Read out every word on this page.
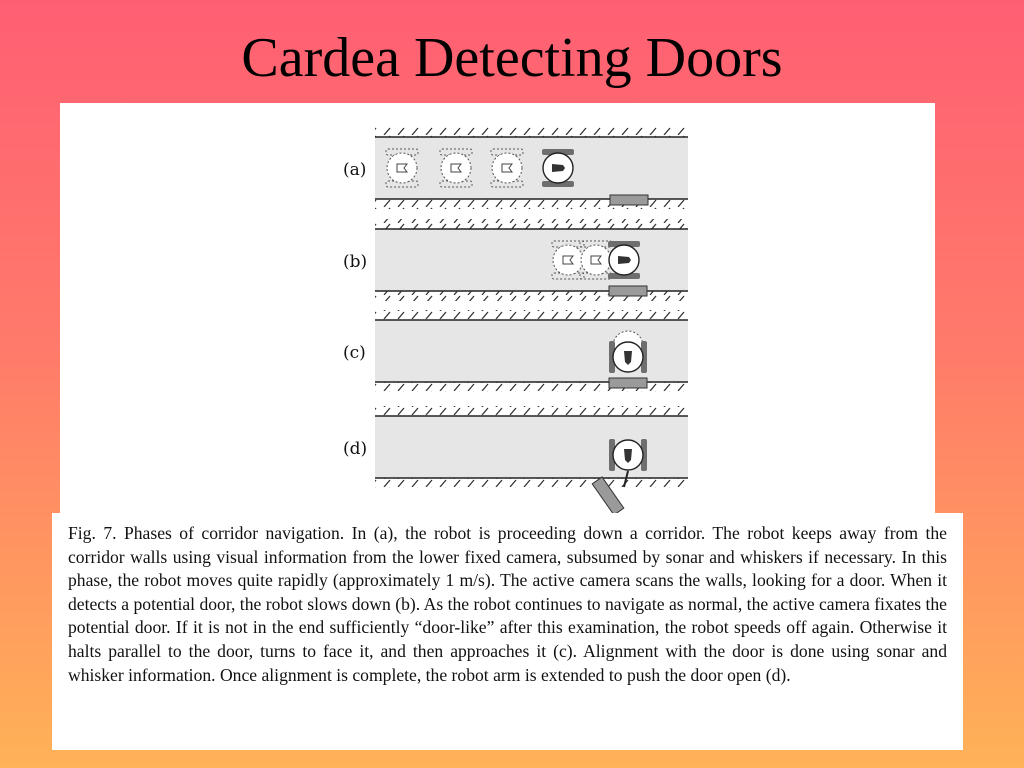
Cardea Detecting Doors
(a)
(b)
(c)
(d)

Fig. 7. Phases of corridor navigation. In (a), the robot is proceeding down a corridor. The robot keeps away from the corridor walls using visual information from the lower fixed camera, subsumed by sonar and whiskers if necessary. In this phase, the robot moves quite rapidly (approximately 1 m/s). The active camera scans the walls, looking for a door. When it detects a potential door, the robot slows down (b). As the robot continues to navigate as normal, the active camera fixates the potential door. If it is not in the end sufficiently “door-like” after this examination, the robot speeds off again. Otherwise it halts parallel to the door, turns to face it, and then approaches it (c). Alignment with the door is done using sonar and whisker information. Once alignment is complete, the robot arm is extended to push the door open (d).
